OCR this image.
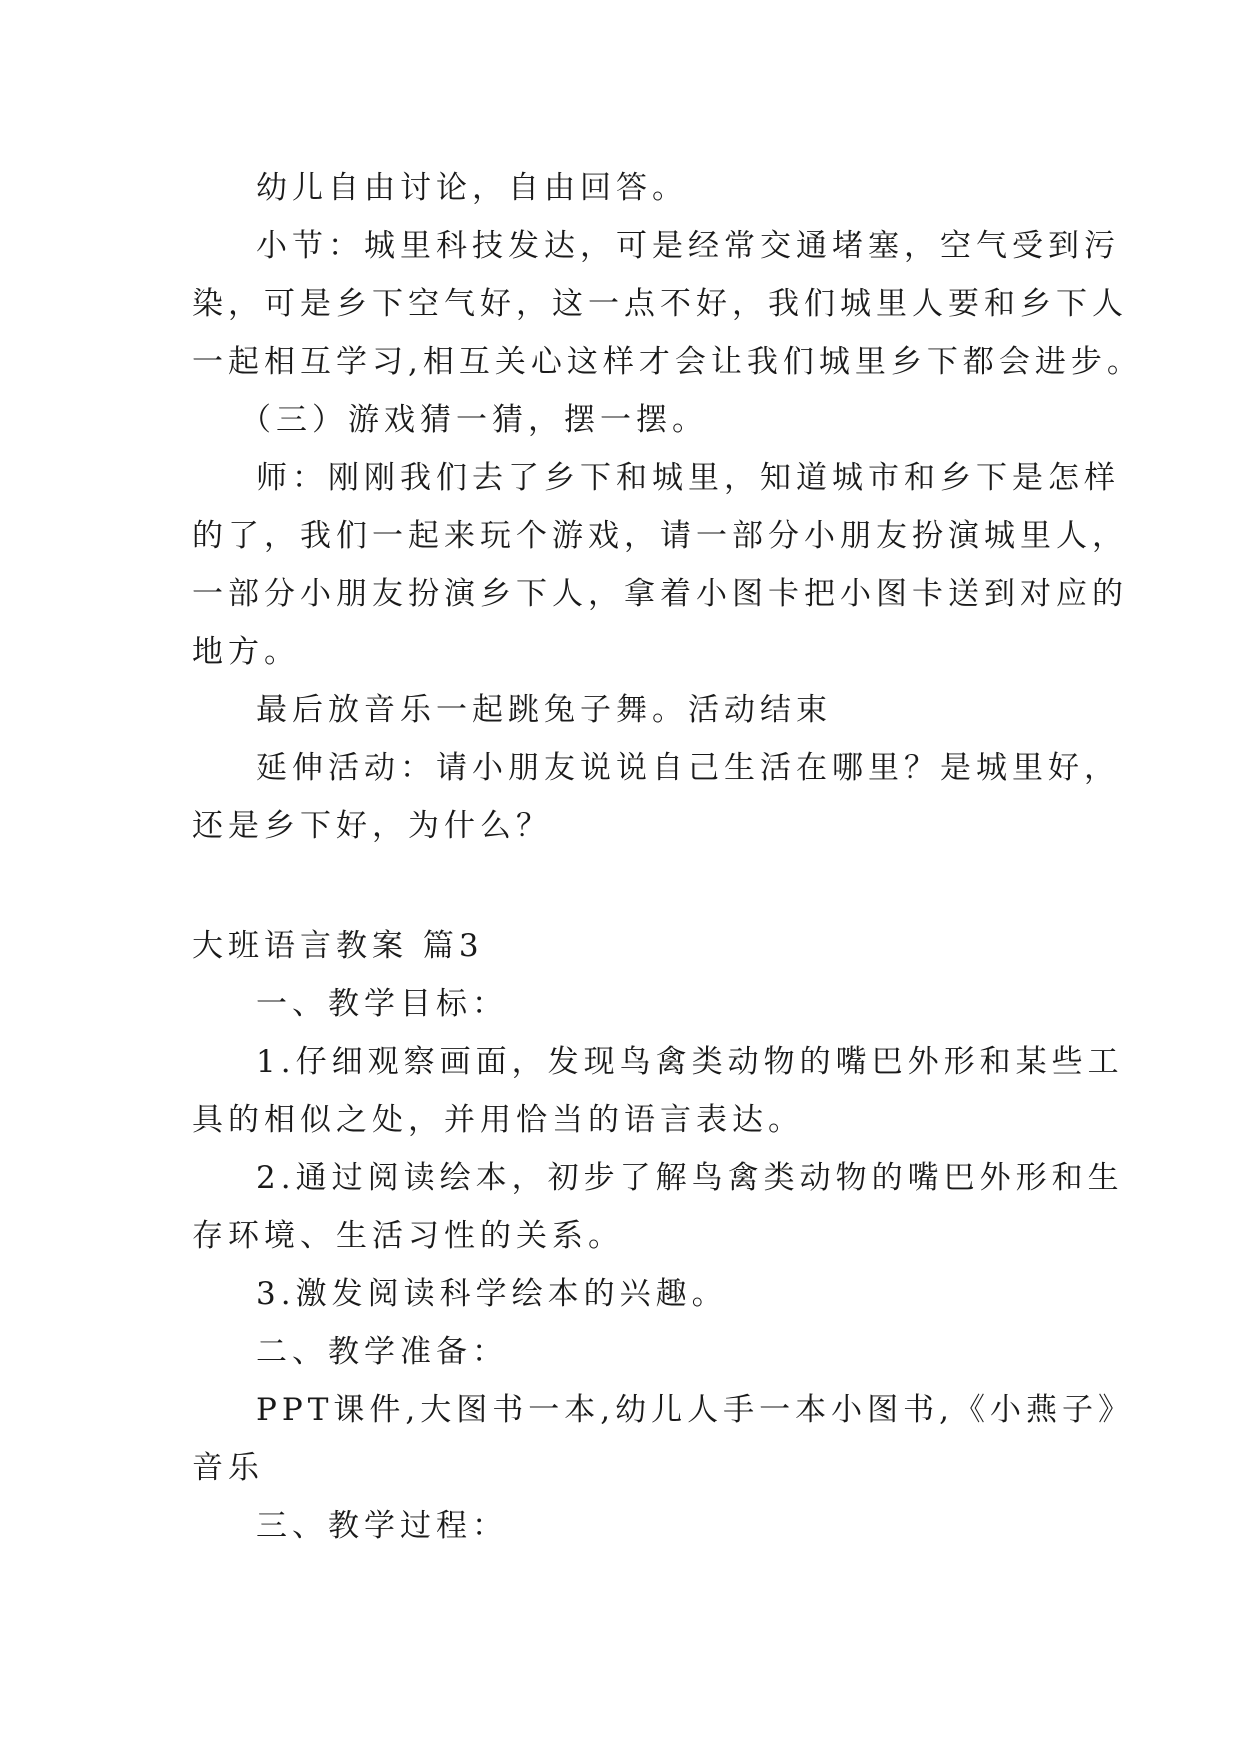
幼儿自由讨论，自由回答。
小节：城里科技发达，可是经常交通堵塞，空气受到污
染，可是乡下空气好，这一点不好，我们城里人要和乡下人
一起相互学习,相互关心这样才会让我们城里乡下都会进步。
（三）游戏猜一猜，摆一摆。
师：刚刚我们去了乡下和城里，知道城市和乡下是怎样
的了，我们一起来玩个游戏，请一部分小朋友扮演城里人，
一部分小朋友扮演乡下人，拿着小图卡把小图卡送到对应的
地方。
最后放音乐一起跳兔子舞。活动结束
延伸活动：请小朋友说说自己生活在哪里？是城里好，
还是乡下好，为什么？
大班语言教案 篇3
一、教学目标：
1.仔细观察画面，发现鸟禽类动物的嘴巴外形和某些工
具的相似之处，并用恰当的语言表达。
2.通过阅读绘本，初步了解鸟禽类动物的嘴巴外形和生
存环境、生活习性的关系。
3.激发阅读科学绘本的兴趣。
二、教学准备：
PPT课件,大图书一本,幼儿人手一本小图书,《小燕子》
音乐
三、教学过程：
